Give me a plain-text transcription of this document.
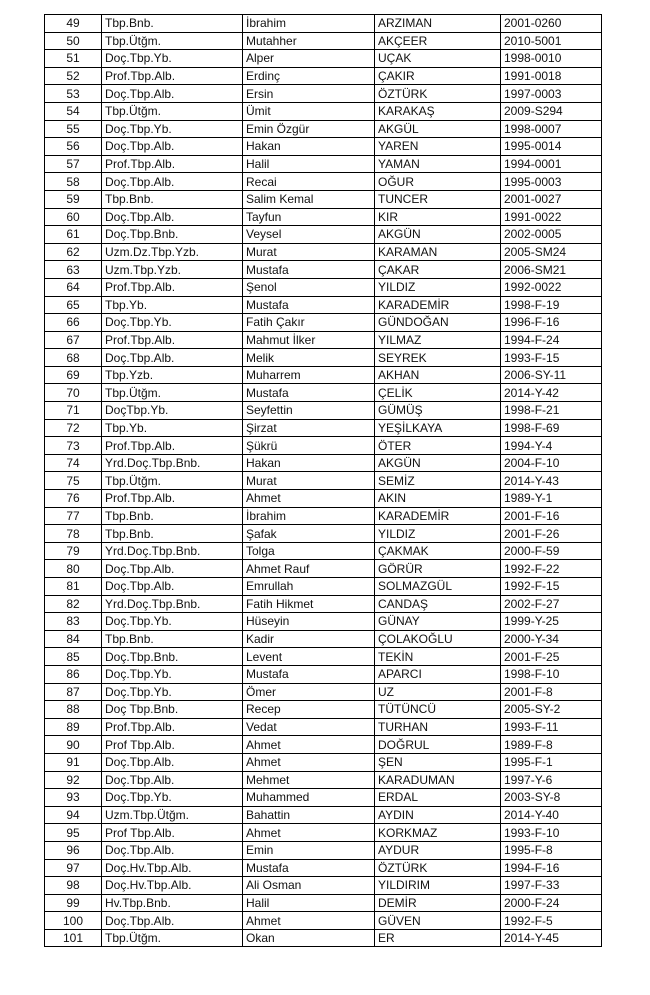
49	Tbp.Bnb.	İbrahim	ARZIMAN	2001-0260
50	Tbp.Ütğm.	Mutahher	AKÇEER	2010-5001
51	Doç.Tbp.Yb.	Alper	UÇAK	1998-0010
52	Prof.Tbp.Alb.	Erdinç	ÇAKIR	1991-0018
53	Doç.Tbp.Alb.	Ersin	ÖZTÜRK	1997-0003
54	Tbp.Ütğm.	Ümit	KARAKAŞ	2009-S294
55	Doç.Tbp.Yb.	Emin Özgür	AKGÜL	1998-0007
56	Doç.Tbp.Alb.	Hakan	YAREN	1995-0014
57	Prof.Tbp.Alb.	Halil	YAMAN	1994-0001
58	Doç.Tbp.Alb.	Recai	OĞUR	1995-0003
59	Tbp.Bnb.	Salim Kemal	TUNCER	2001-0027
60	Doç.Tbp.Alb.	Tayfun	KIR	1991-0022
61	Doç.Tbp.Bnb.	Veysel	AKGÜN	2002-0005
62	Uzm.Dz.Tbp.Yzb.	Murat	KARAMAN	2005-SM24
63	Uzm.Tbp.Yzb.	Mustafa	ÇAKAR	2006-SM21
64	Prof.Tbp.Alb.	Şenol	YILDIZ	1992-0022
65	Tbp.Yb.	Mustafa	KARADEMİR	1998-F-19
66	Doç.Tbp.Yb.	Fatih Çakır	GÜNDOĞAN	1996-F-16
67	Prof.Tbp.Alb.	Mahmut İlker	YILMAZ	1994-F-24
68	Doç.Tbp.Alb.	Melik	SEYREK	1993-F-15
69	Tbp.Yzb.	Muharrem	AKHAN	2006-SY-11
70	Tbp.Ütğm.	Mustafa	ÇELİK	2014-Y-42
71	DoçTbp.Yb.	Seyfettin	GÜMÜŞ	1998-F-21
72	Tbp.Yb.	Şirzat	YEŞİLKAYA	1998-F-69
73	Prof.Tbp.Alb.	Şükrü	ÖTER	1994-Y-4
74	Yrd.Doç.Tbp.Bnb.	Hakan	AKGÜN	2004-F-10
75	Tbp.Ütğm.	Murat	SEMİZ	2014-Y-43
76	Prof.Tbp.Alb.	Ahmet	AKIN	1989-Y-1
77	Tbp.Bnb.	İbrahim	KARADEMİR	2001-F-16
78	Tbp.Bnb.	Şafak	YILDIZ	2001-F-26
79	Yrd.Doç.Tbp.Bnb.	Tolga	ÇAKMAK	2000-F-59
80	Doç.Tbp.Alb.	Ahmet Rauf	GÖRÜR	1992-F-22
81	Doç.Tbp.Alb.	Emrullah	SOLMAZGÜL	1992-F-15
82	Yrd.Doç.Tbp.Bnb.	Fatih Hikmet	CANDAŞ	2002-F-27
83	Doç.Tbp.Yb.	Hüseyin	GÜNAY	1999-Y-25
84	Tbp.Bnb.	Kadir	ÇOLAKOĞLU	2000-Y-34
85	Doç.Tbp.Bnb.	Levent	TEKİN	2001-F-25
86	Doç.Tbp.Yb.	Mustafa	APARCI	1998-F-10
87	Doç.Tbp.Yb.	Ömer	UZ	2001-F-8
88	Doç Tbp.Bnb.	Recep	TÜTÜNCÜ	2005-SY-2
89	Prof.Tbp.Alb.	Vedat	TURHAN	1993-F-11
90	Prof Tbp.Alb.	Ahmet	DOĞRUL	1989-F-8
91	Doç.Tbp.Alb.	Ahmet	ŞEN	1995-F-1
92	Doç.Tbp.Alb.	Mehmet	KARADUMAN	1997-Y-6
93	Doç.Tbp.Yb.	Muhammed	ERDAL	2003-SY-8
94	Uzm.Tbp.Ütğm.	Bahattin	AYDIN	2014-Y-40
95	Prof Tbp.Alb.	Ahmet	KORKMAZ	1993-F-10
96	Doç.Tbp.Alb.	Emin	AYDUR	1995-F-8
97	Doç.Hv.Tbp.Alb.	Mustafa	ÖZTÜRK	1994-F-16
98	Doç.Hv.Tbp.Alb.	Ali Osman	YILDIRIM	1997-F-33
99	Hv.Tbp.Bnb.	Halil	DEMİR	2000-F-24
100	Doç.Tbp.Alb.	Ahmet	GÜVEN	1992-F-5
101	Tbp.Ütğm.	Okan	ER	2014-Y-45
